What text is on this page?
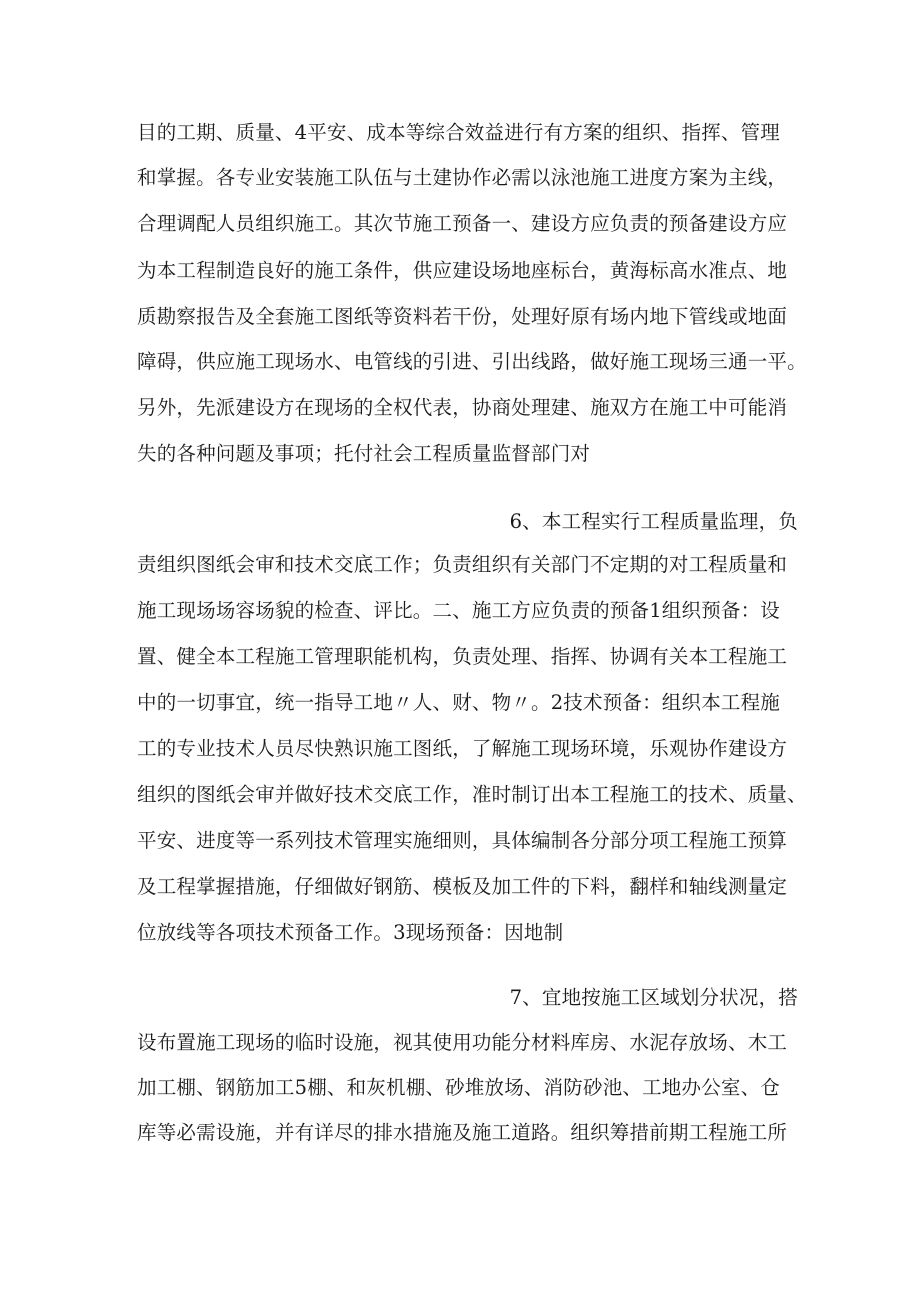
目的工期、质量、4平安、成本等综合效益进行有方案的组织、指挥、管理
和掌握。各专业安装施工队伍与土建协作必需以泳池施工进度方案为主线，
合理调配人员组织施工。其次节施工预备一、建设方应负责的预备建设方应
为本工程制造良好的施工条件，供应建设场地座标台，黄海标高水准点、地
质勘察报告及全套施工图纸等资料若干份，处理好原有场内地下管线或地面
障碍，供应施工现场水、电管线的引进、引出线路，做好施工现场三通一平。
另外，先派建设方在现场的全权代表，协商处理建、施双方在施工中可能消
失的各种问题及事项；托付社会工程质量监督部门对
6、本工程实行工程质量监理，负
责组织图纸会审和技术交底工作；负责组织有关部门不定期的对工程质量和
施工现场场容场貌的检查、评比。二、施工方应负责的预备1组织预备：设
置、健全本工程施工管理职能机构，负责处理、指挥、协调有关本工程施工
中的一切事宜，统一指导工地〃人、财、物〃。2技术预备：组织本工程施
工的专业技术人员尽快熟识施工图纸，了解施工现场环境，乐观协作建设方
组织的图纸会审并做好技术交底工作，准时制订出本工程施工的技术、质量、
平安、进度等一系列技术管理实施细则，具体编制各分部分项工程施工预算
及工程掌握措施，仔细做好钢筋、模板及加工件的下料，翻样和轴线测量定
位放线等各项技术预备工作。3现场预备：因地制
7、宜地按施工区域划分状况，搭
设布置施工现场的临时设施，视其使用功能分材料库房、水泥存放场、木工
加工棚、钢筋加工5棚、和灰机棚、砂堆放场、消防砂池、工地办公室、仓
库等必需设施，并有详尽的排水措施及施工道路。组织筹措前期工程施工所
